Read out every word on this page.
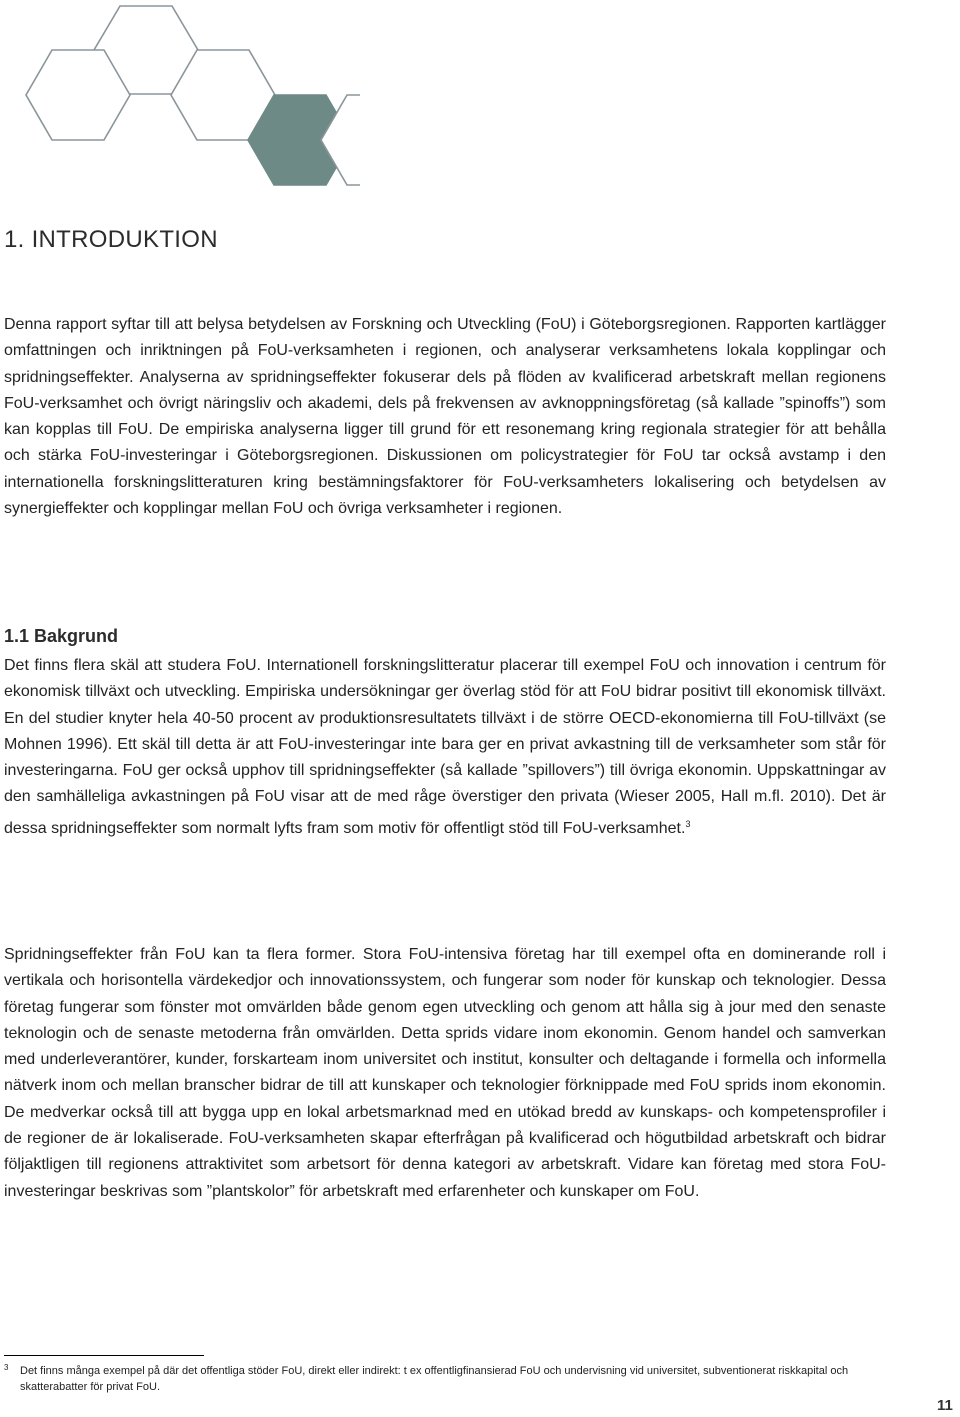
1. INTRODUKTION

Denna rapport syftar till att belysa betydelsen av Forskning och Utveckling (FoU) i Göteborgsregionen. Rapporten kartlägger omfattningen och inriktningen på FoU-verksamheten i regionen, och analyserar verksamhetens lokala kopplingar och spridningseffekter. Analyserna av spridningseffekter fokuserar dels på flöden av kvalificerad arbetskraft mellan regionens FoU-verksamhet och övrigt näringsliv och akademi, dels på frekvensen av avknoppningsföretag (så kallade ”spinoffs”) som kan kopplas till FoU. De empiriska analyserna ligger till grund för ett resonemang kring regionala strategier för att behålla och stärka FoU-investeringar i Göteborgsregionen. Diskussionen om policystrategier för FoU tar också avstamp i den internationella forskningslitteraturen kring bestämningsfaktorer för FoU-verksamheters lokalisering och betydelsen av synergieffekter och kopplingar mellan FoU och övriga verksamheter i regionen.

1.1 Bakgrund

Det finns flera skäl att studera FoU. Internationell forskningslitteratur placerar till exempel FoU och innovation i centrum för ekonomisk tillväxt och utveckling. Empiriska undersökningar ger överlag stöd för att FoU bidrar positivt till ekonomisk tillväxt. En del studier knyter hela 40-50 procent av produktionsresultatets tillväxt i de större OECD-ekonomierna till FoU-tillväxt (se Mohnen 1996). Ett skäl till detta är att FoU-investeringar inte bara ger en privat avkastning till de verksamheter som står för investeringarna. FoU ger också upphov till spridningseffekter (så kallade ”spillovers”) till övriga ekonomin. Uppskattningar av den samhälleliga avkastningen på FoU visar att de med råge överstiger den privata (Wieser 2005, Hall m.fl. 2010). Det är dessa spridningseffekter som normalt lyfts fram som motiv för offentligt stöd till FoU-verksamhet.$^3$

Spridningseffekter från FoU kan ta flera former. Stora FoU-intensiva företag har till exempel ofta en dominerande roll i vertikala och horisontella värdekedjor och innovationssystem, och fungerar som noder för kunskap och teknologier. Dessa företag fungerar som fönster mot omvärlden både genom egen utveckling och genom att hålla sig à jour med den senaste teknologin och de senaste metoderna från omvärlden. Detta sprids vidare inom ekonomin. Genom handel och samverkan med underleverantörer, kunder, forskarteam inom universitet och institut, konsulter och deltagande i formella och informella nätverk inom och mellan branscher bidrar de till att kunskaper och teknologier förknippade med FoU sprids inom ekonomin. De medverkar också till att bygga upp en lokal arbetsmarknad med en utökad bredd av kunskaps- och kompetensprofiler i de regioner de är lokaliserade. FoU-verksamheten skapar efterfrågan på kvalificerad och högutbildad arbetskraft och bidrar följaktligen till regionens attraktivitet som arbetsort för denna kategori av arbetskraft. Vidare kan företag med stora FoU-investeringar beskrivas som ”plantskolor” för arbetskraft med erfarenheter och kunskaper om FoU.

3 Det finns många exempel på där det offentliga stöder FoU, direkt eller indirekt: t ex offentligfinansierad FoU och undervisning vid universitet, subventionerat riskkapital och skatterabatter för privat FoU.
11
